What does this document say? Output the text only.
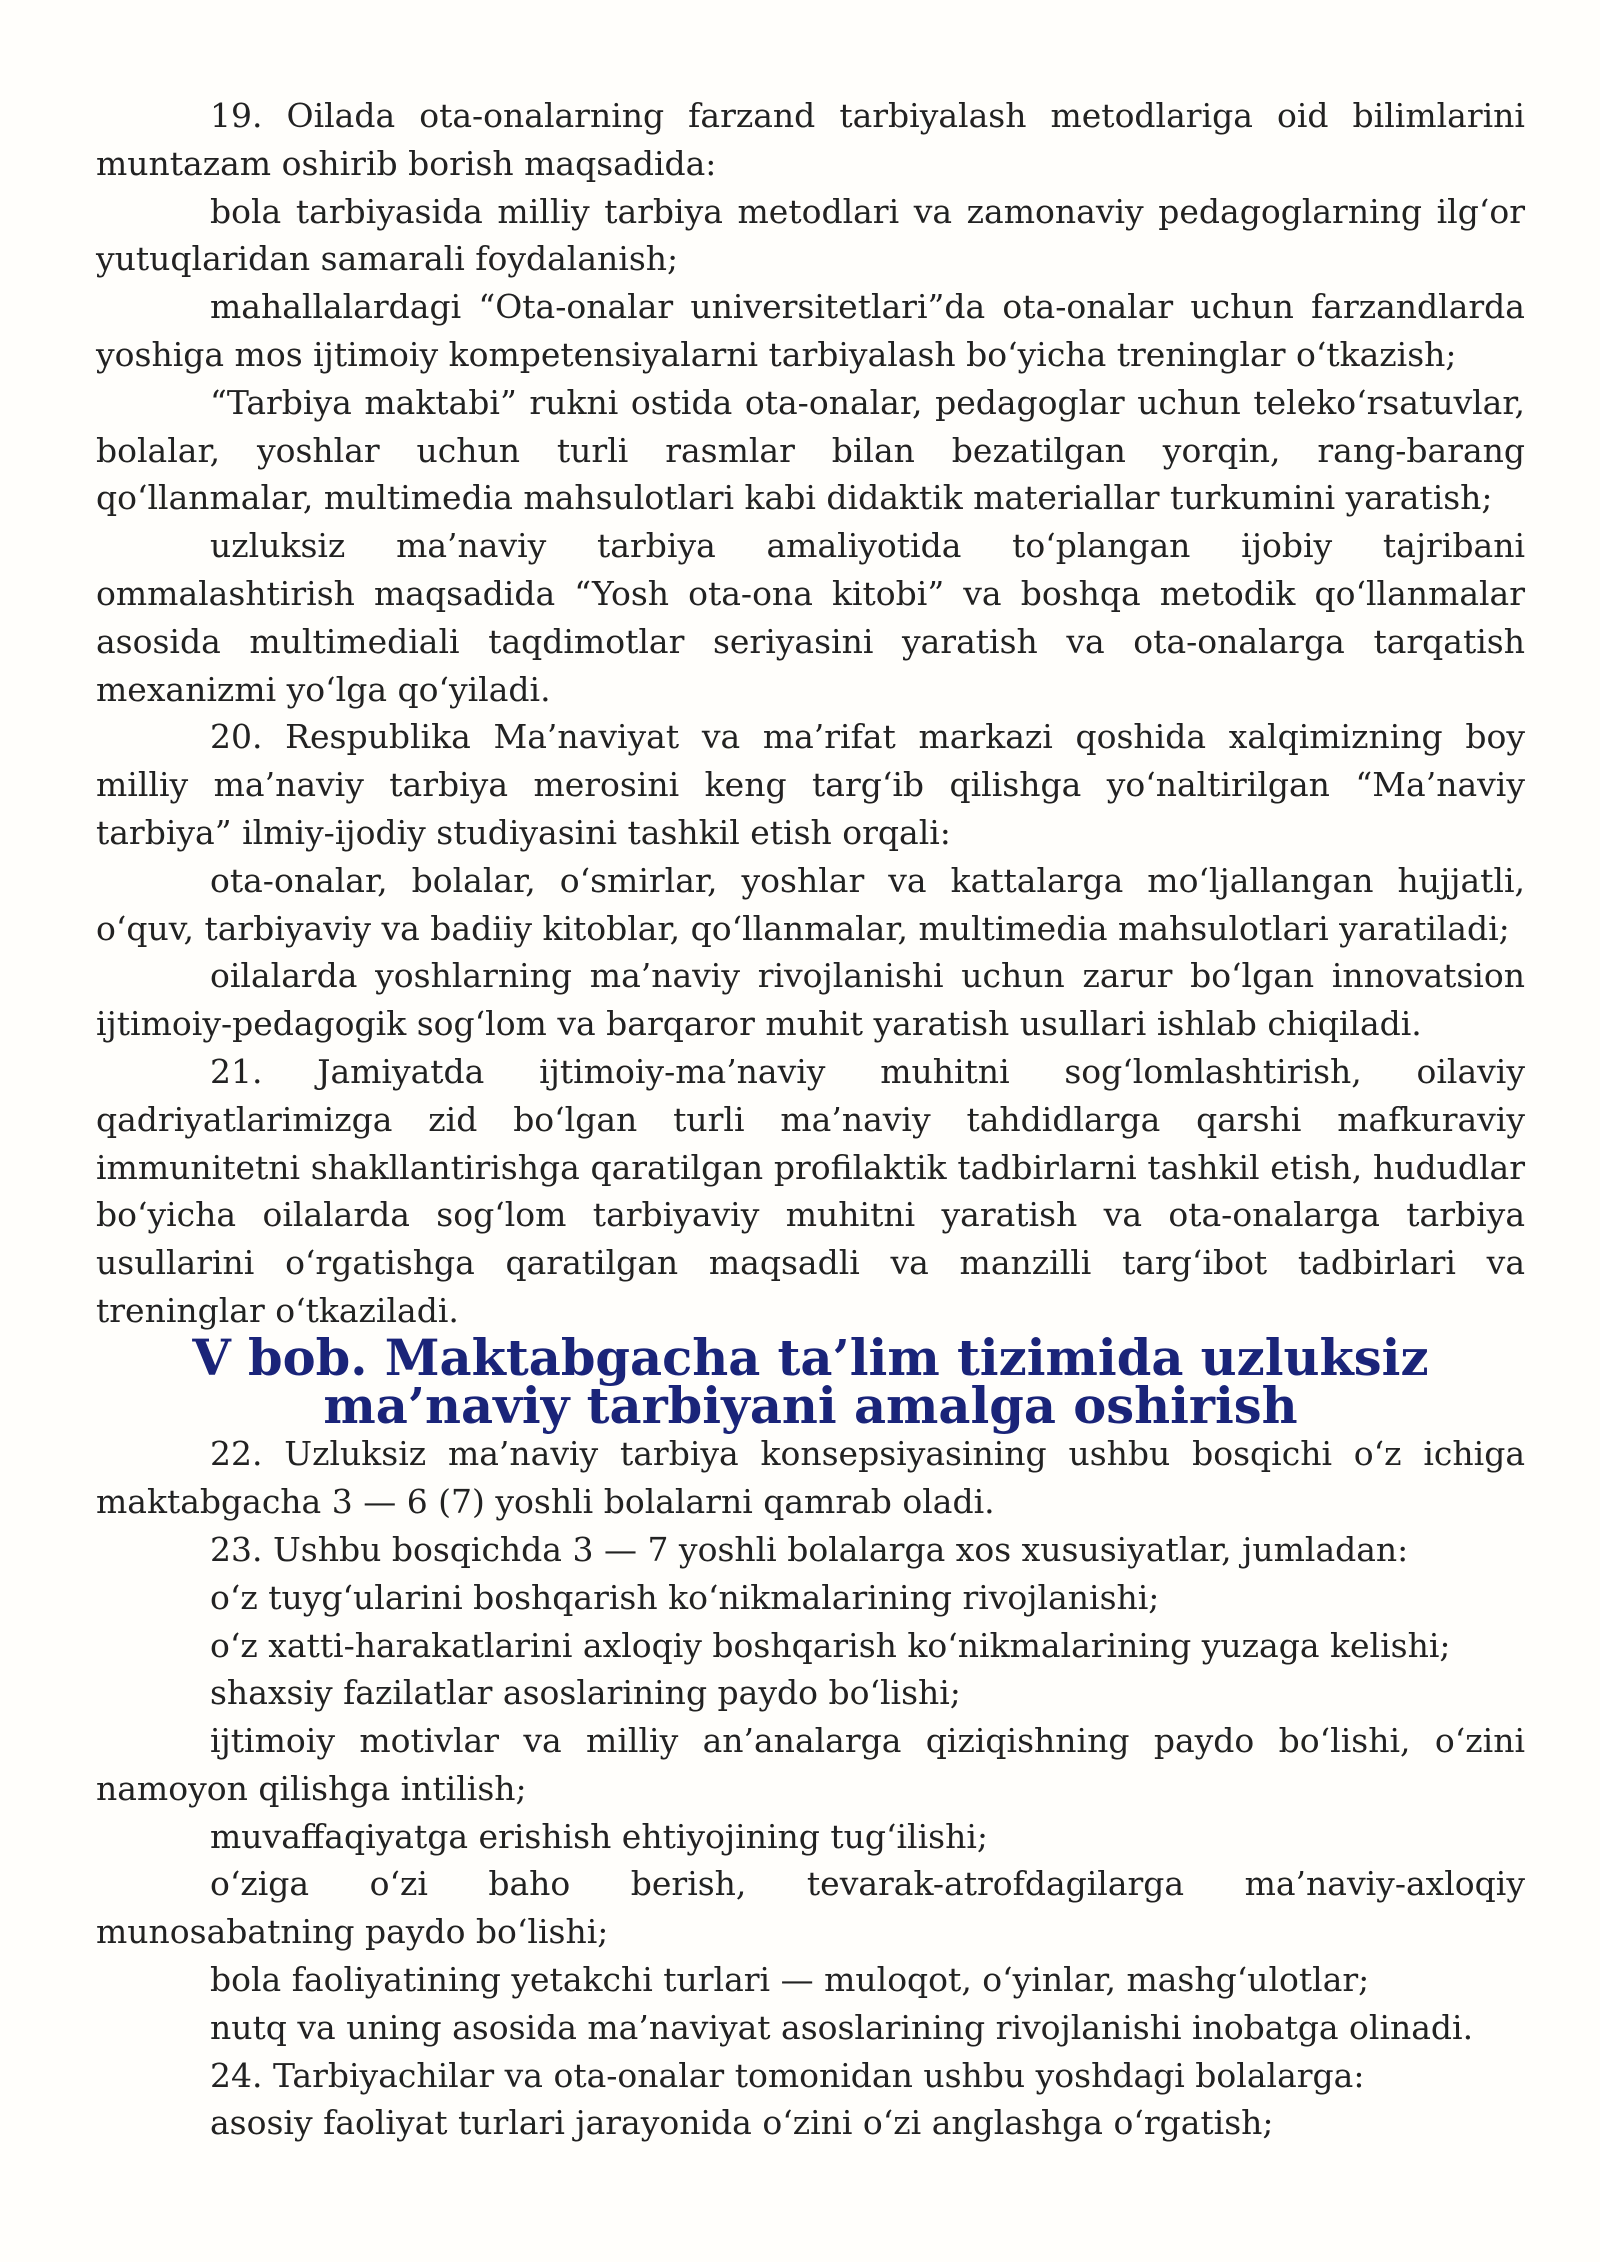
19. Oilada ota-onalarning farzand tarbiyalash metodlariga oid bilimlarini muntazam oshirib borish maqsadida:

bola tarbiyasida milliy tarbiya metodlari va zamonaviy pedagoglarning ilg‘or yutuqlaridan samarali foydalanish;

mahallalardagi “Ota-onalar universitetlari”da ota-onalar uchun farzandlarda yoshiga mos ijtimoiy kompetensiyalarni tarbiyalash bo‘yicha treninglar o‘tkazish;

“Tarbiya maktabi” rukni ostida ota-onalar, pedagoglar uchun teleko‘rsatuvlar, bolalar, yoshlar uchun turli rasmlar bilan bezatilgan yorqin, rang-barang qo‘llanmalar, multimedia mahsulotlari kabi didaktik materiallar turkumini yaratish;

uzluksiz ma’naviy tarbiya amaliyotida to‘plangan ijobiy tajribani ommalashtirish maqsadida “Yosh ota-ona kitobi” va boshqa metodik qo‘llanmalar asosida multimediali taqdimotlar seriyasini yaratish va ota-onalarga tarqatish mexanizmi yo‘lga qo‘yiladi.

20. Respublika Ma’naviyat va ma’rifat markazi qoshida xalqimizning boy milliy ma’naviy tarbiya merosini keng targ‘ib qilishga yo‘naltirilgan “Ma’naviy tarbiya” ilmiy-ijodiy studiyasini tashkil etish orqali:

ota-onalar, bolalar, o‘smirlar, yoshlar va kattalarga mo‘ljallangan hujjatli, o‘quv, tarbiyaviy va badiiy kitoblar, qo‘llanmalar, multimedia mahsulotlari yaratiladi;

oilalarda yoshlarning ma’naviy rivojlanishi uchun zarur bo‘lgan innovatsion ijtimoiy-pedagogik sog‘lom va barqaror muhit yaratish usullari ishlab chiqiladi.

21. Jamiyatda ijtimoiy-ma’naviy muhitni sog‘lomlashtirish, oilaviy qadriyatlarimizga zid bo‘lgan turli ma’naviy tahdidlarga qarshi mafkuraviy immunitetni shakllantirishga qaratilgan profilaktik tadbirlarni tashkil etish, hududlar bo‘yicha oilalarda sog‘lom tarbiyaviy muhitni yaratish va ota-onalarga tarbiya usullarini o‘rgatishga qaratilgan maqsadli va manzilli targ‘ibot tadbirlari va treninglar o‘tkaziladi.

V bob. Maktabgacha ta’lim tizimida uzluksiz ma’naviy tarbiyani amalga oshirish

22. Uzluksiz ma’naviy tarbiya konsepsiyasining ushbu bosqichi o‘z ichiga maktabgacha 3 — 6 (7) yoshli bolalarni qamrab oladi.

23. Ushbu bosqichda 3 — 7 yoshli bolalarga xos xususiyatlar, jumladan:

o‘z tuyg‘ularini boshqarish ko‘nikmalarining rivojlanishi;

o‘z xatti-harakatlarini axloqiy boshqarish ko‘nikmalarining yuzaga kelishi;

shaxsiy fazilatlar asoslarining paydo bo‘lishi;

ijtimoiy motivlar va milliy an’analarga qiziqishning paydo bo‘lishi, o‘zini namoyon qilishga intilish;

muvaffaqiyatga erishish ehtiyojining tug‘ilishi;

o‘ziga o‘zi baho berish, tevarak-atrofdagilarga ma’naviy-axloqiy munosabatning paydo bo‘lishi;

bola faoliyatining yetakchi turlari — muloqot, o‘yinlar, mashg‘ulotlar;

nutq va uning asosida ma’naviyat asoslarining rivojlanishi inobatga olinadi.

24. Tarbiyachilar va ota-onalar tomonidan ushbu yoshdagi bolalarga:

asosiy faoliyat turlari jarayonida o‘zini o‘zi anglashga o‘rgatish;
